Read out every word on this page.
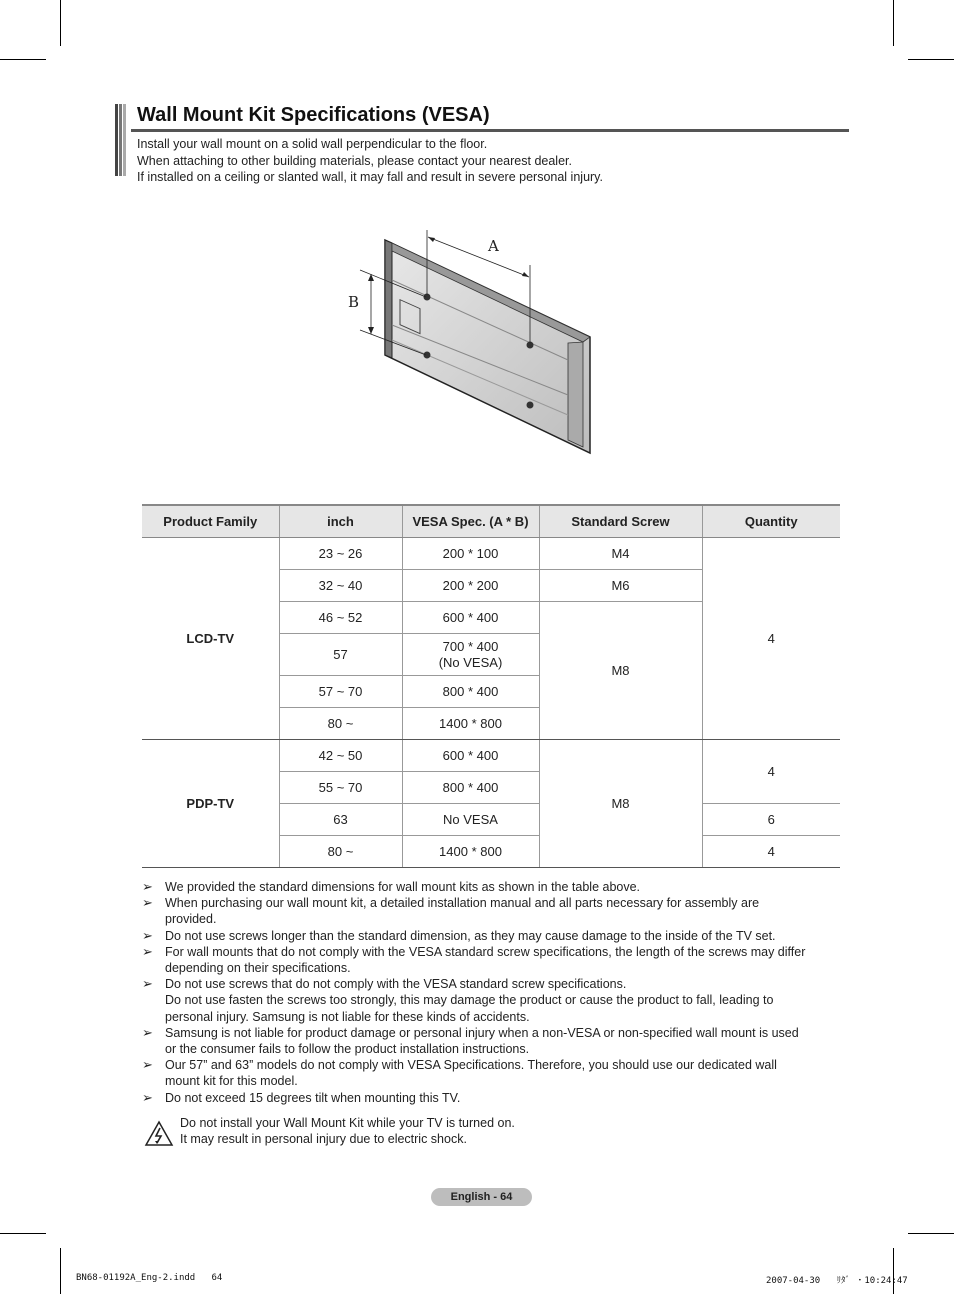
Wall Mount Kit Specifications (VESA)
Install your wall mount on a solid wall perpendicular to the floor.
When attaching to other building materials, please contact your nearest dealer.
If installed on a ceiling or slanted wall, it may fall and result in severe personal injury.
A
B
Product Family	inch	VESA Spec. (A * B)	Standard Screw	Quantity
LCD-TV	23 ~ 26	200 * 100	M4	4
	32 ~ 40	200 * 200	M6	
	46 ~ 52	600 * 400	M8	
	57	700 * 400
(No VESA)		

	57 ~ 70	800 * 400		
	80 ~	1400 * 800		
PDP-TV	42 ~ 50	600 * 400	M8	4
	55 ~ 70	800 * 400		
	63	No VESA		6
	80 ~	1400 * 800		4
➢ We provided the standard dimensions for wall mount kits as shown in the table above.
➢ When purchasing our wall mount kit, a detailed installation manual and all parts necessary for assembly are
provided.
➢ Do not use screws longer than the standard dimension, as they may cause damage to the inside of the TV set.
➢ For wall mounts that do not comply with the VESA standard screw specifications, the length of the screws may differ
depending on their specifications.
➢ Do not use screws that do not comply with the VESA standard screw specifications.
Do not use fasten the screws too strongly, this may damage the product or cause the product to fall, leading to
personal injury. Samsung is not liable for these kinds of accidents.
➢ Samsung is not liable for product damage or personal injury when a non-VESA or non-specified wall mount is used
or the consumer fails to follow the product installation instructions.
➢ Our 57” and 63” models do not comply with VESA Specifications. Therefore, you should use our dedicated wall
mount kit for this model.
➢ Do not exceed 15 degrees tilt when mounting this TV.
Do not install your Wall Mount Kit while your TV is turned on.
It may result in personal injury due to electric shock.
English - 64
BN68-01192A_Eng-2.indd   64	2007-04-30   ﾘﾀﾞ ・10:24:47
